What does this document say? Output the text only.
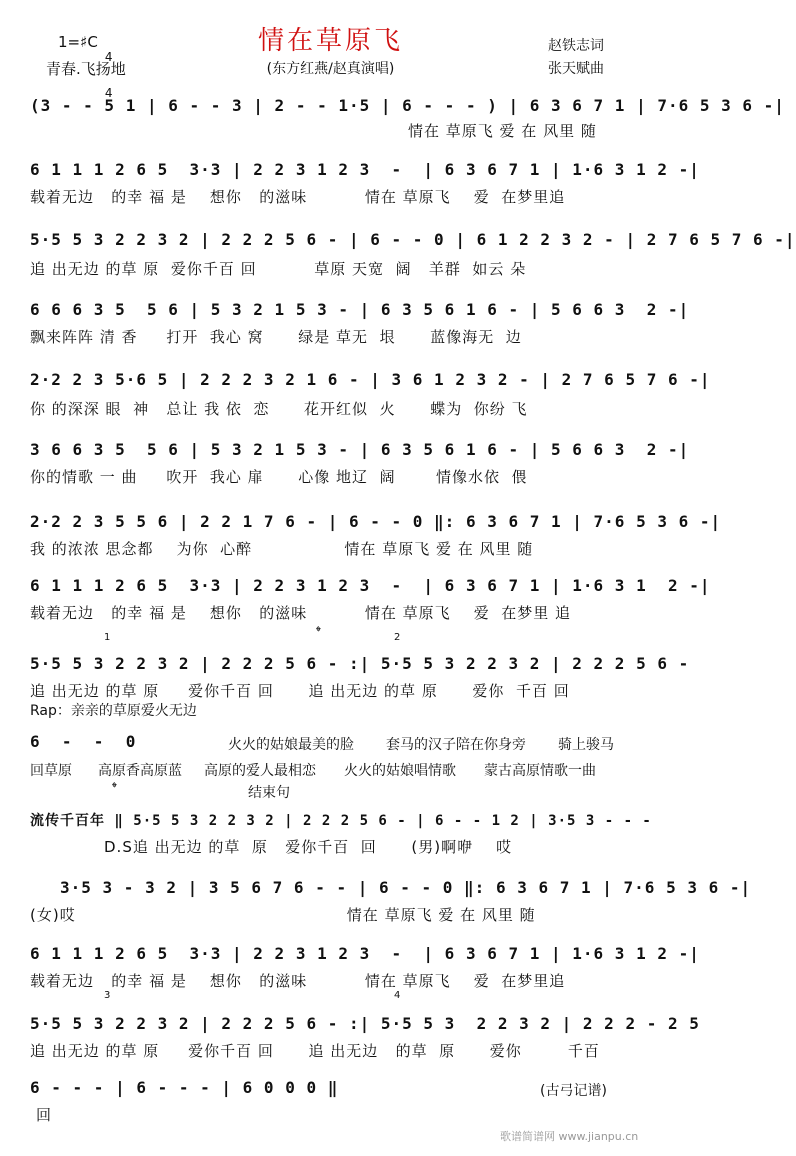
1=♯C

4

4

情在草原飞
青春.飞扬地	(东方红燕/赵真演唱)
赵铁志词
张天赋曲
(3 - - 5 1 | 6 - - 3 | 2 - - 1·5 | 6 - - - ) | 6 3 6 7 1 | 7·6 5 3 6 -|
情在 草原飞 爱 在 风里 随
6 1 1 1 2 6 5  3·3 | 2 2 3 1 2 3  -  | 6 3 6 7 1 | 1·6 3 1 2 -|
载着无边   的幸 福 是    想你   的滋味          情在 草原飞    爱  在梦里追
5·5 5 3 2 2 3 2 | 2 2 2 5 6 - | 6 - - 0 | 6 1 2 2 3 2 - | 2 7 6 5 7 6 -|
追 出无边 的草 原  爱你千百 回          草原 天宽  阔   羊群  如云 朵
6 6 6 3 5  5 6 | 5 3 2 1 5 3 - | 6 3 5 6 1 6 - | 5 6 6 3  2 -|
飘来阵阵 清 香     打开  我心 窝      绿是 草无  垠      蓝像海无  边
2·2 2 3 5·6 5 | 2 2 2 3 2 1 6 - | 3 6 1 2 3 2 - | 2 7 6 5 7 6 -|
你 的深深 眼  神   总让 我 依  恋      花开红似  火      蝶为  你纷 飞
3 6 6 3 5  5 6 | 5 3 2 1 5 3 - | 6 3 5 6 1 6 - | 5 6 6 3  2 -|
你的情歌 一 曲     吹开  我心 扉      心像 地辽  阔       情像水依  偎
2·2 2 3 5 5 6 | 2 2 1 7 6 - | 6 - - 0 ‖: 6 3 6 7 1 | 7·6 5 3 6 -|
我 的浓浓 思念都    为你  心醉                情在 草原飞 爱 在 风里 随
6 1 1 1 2 6 5  3·3 | 2 2 3 1 2 3  -  | 6 3 6 7 1 | 1·6 3 1  2 -|
载着无边   的幸 福 是    想你   的滋味          情在 草原飞    爱  在梦里 追
1	𝄌	2
5·5 5 3 2 2 3 2 | 2 2 2 5 6 - :| 5·5 5 3 2 2 3 2 | 2 2 2 5 6 -
追 出无边 的草 原     爱你千百 回      追 出无边 的草 原      爱你  千百 回
Rap：亲亲的草原爱火无边
6  -  -  0	火火的姑娘最美的脸 套马的汉子陪在你身旁 骑上骏马
回草原 高原香高原蓝 高原的爱人最相恋 火火的姑娘唱情歌 蒙古高原情歌一曲
𝄌	结束句
流传千百年 ‖ 5·5 5 3 2 2 3 2 | 2 2 2 5 6 - | 6 - - 1 2 | 3·5 3 - - -
D.S追 出无边 的草  原   爱你千百  回      (男)啊咿    哎
3·5 3 - 3 2 | 3 5 6 7 6 - - | 6 - - 0 ‖: 6 3 6 7 1 | 7·6 5 3 6 -|
(女)哎                                               情在 草原飞 爱 在 风里 随
6 1 1 1 2 6 5  3·3 | 2 2 3 1 2 3  -  | 6 3 6 7 1 | 1·6 3 1 2 -|
载着无边   的幸 福 是    想你   的滋味          情在 草原飞    爱  在梦里追
3	4
5·5 5 3 2 2 3 2 | 2 2 2 5 6 - :| 5·5 5 3  2 2 3 2 | 2 2 2 - 2 5
追 出无边 的草 原     爱你千百 回      追 出无边   的草  原      爱你        千百
6 - - - | 6 - - - | 6 0 0 0 ‖	(古弓记谱)
回
歌谱简谱网 www.jianpu.cn
